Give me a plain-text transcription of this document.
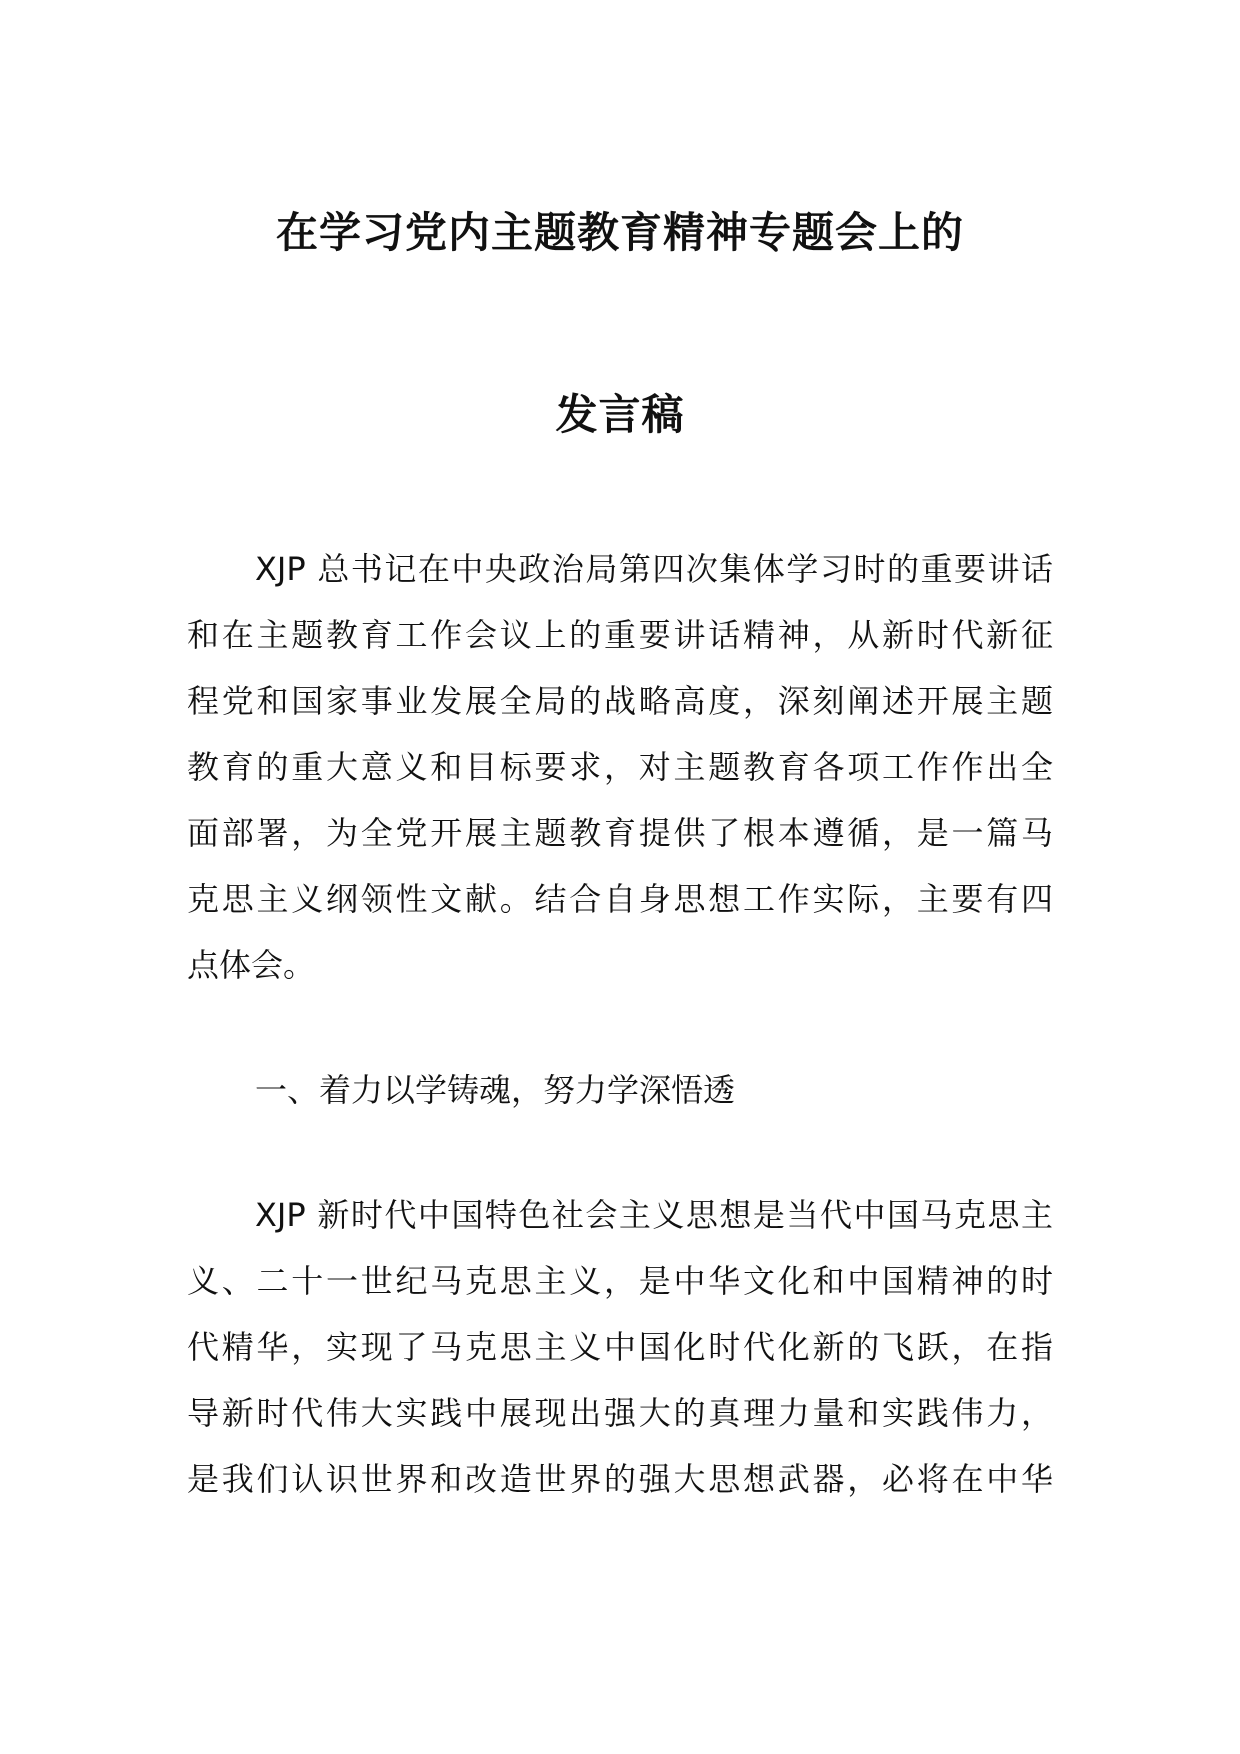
在学习党内主题教育精神专题会上的
发言稿
XJP 总书记在中央政治局第四次集体学习时的重要讲话
和在主题教育工作会议上的重要讲话精神，从新时代新征
程党和国家事业发展全局的战略高度，深刻阐述开展主题
教育的重大意义和目标要求，对主题教育各项工作作出全
面部署，为全党开展主题教育提供了根本遵循，是一篇马
克思主义纲领性文献。结合自身思想工作实际，主要有四
点体会。
一、着力以学铸魂，努力学深悟透
XJP 新时代中国特色社会主义思想是当代中国马克思主
义、二十一世纪马克思主义，是中华文化和中国精神的时
代精华，实现了马克思主义中国化时代化新的飞跃，在指
导新时代伟大实践中展现出强大的真理力量和实践伟力，
是我们认识世界和改造世界的强大思想武器，必将在中华
